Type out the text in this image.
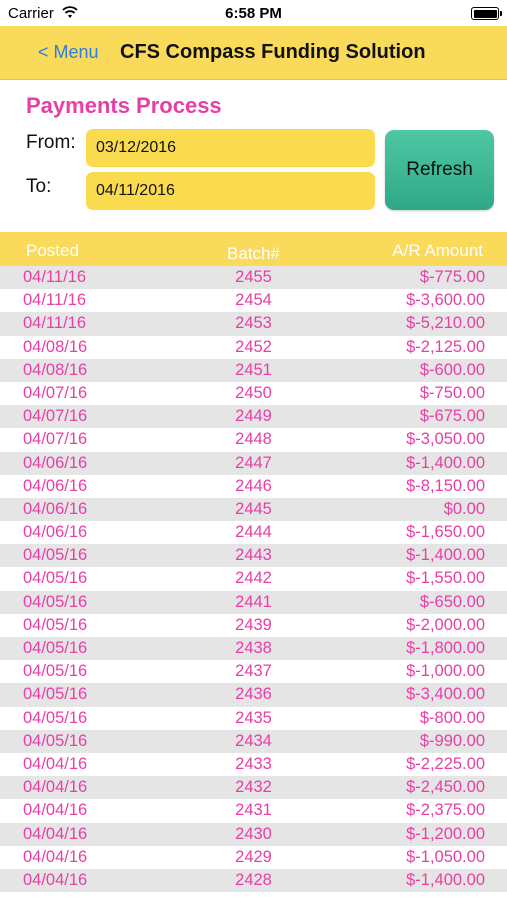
Carrier	6:58 PM
< Menu CFS Compass Funding Solution
Payments Process
From:
To:
03/12/2016
04/11/2016
Refresh
Posted	Batch#	A/R Amount
04/11/16	2455	$-775.00
04/11/16	2454	$-3,600.00
04/11/16	2453	$-5,210.00
04/08/16	2452	$-2,125.00
04/08/16	2451	$-600.00
04/07/16	2450	$-750.00
04/07/16	2449	$-675.00
04/07/16	2448	$-3,050.00
04/06/16	2447	$-1,400.00
04/06/16	2446	$-8,150.00
04/06/16	2445	$0.00
04/06/16	2444	$-1,650.00
04/05/16	2443	$-1,400.00
04/05/16	2442	$-1,550.00
04/05/16	2441	$-650.00
04/05/16	2439	$-2,000.00
04/05/16	2438	$-1,800.00
04/05/16	2437	$-1,000.00
04/05/16	2436	$-3,400.00
04/05/16	2435	$-800.00
04/05/16	2434	$-990.00
04/04/16	2433	$-2,225.00
04/04/16	2432	$-2,450.00
04/04/16	2431	$-2,375.00
04/04/16	2430	$-1,200.00
04/04/16	2429	$-1,050.00
04/04/16	2428	$-1,400.00
